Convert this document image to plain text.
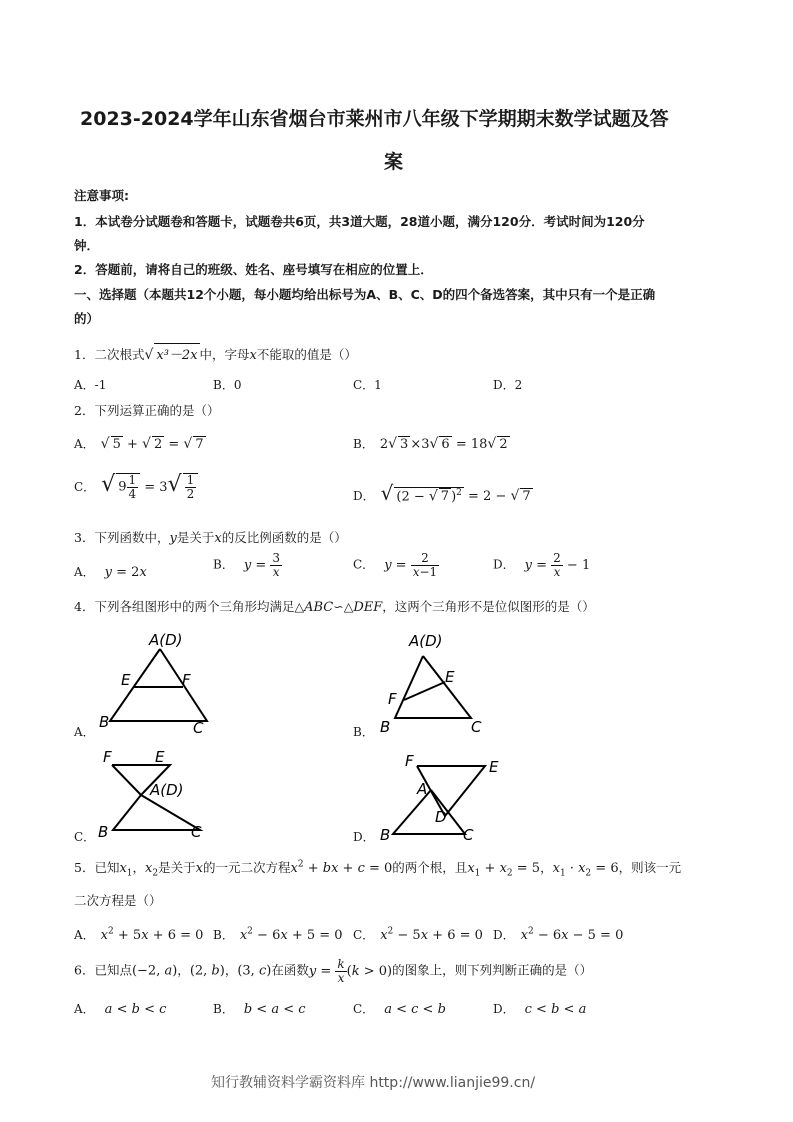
2023-2024学年山东省烟台市莱州市八年级下学期期末数学试题及答
案
注意事项:
1．本试卷分试题卷和答题卡，试题卷共6页，共3道大题，28道小题，满分120分．考试时间为120分
钟．
2．答题前，请将自己的班级、姓名、座号填写在相应的位置上．
一、选择题（本题共12个小题，每小题均给出标号为A、B、C、D的四个备选答案，其中只有一个是正确
的）
1．二次根式√ x³－2x 中，字母x不能取的值是（）
A．-1	B．0	C．1	D．2
2．下列运算正确的是（）
A． √ 5 + √ 2 = √ 7	B． 2√ 3 ×3√ 6 = 18√ 2
C． √ $9 \frac{1}{4} = 3√ \frac{1}{2}$	D． √ (2 − √ 7 )$^2$ = 2 − √ 7
3．下列函数中，y是关于x的反比例函数的是（）
A． y = 2x
B． $y = \frac{3}{x}$	C． $y = \frac{2}{x-1}$	D． $y = \frac{2}{x} - 1$
4．下列各组图形中的两个三角形均满足△ABC∽△DEF，这两个三角形不是位似图形的是（）
A．
A(D)
E	F
B	C	B．
A(D)
E
F
B	C
C．
F	E
A(D)
B	C	D．
F	E
A
D
B	C
5．已知$x_1$，$x_2$是关于x的一元二次方程$x^2$ + bx + c = 0的两个根，且$x_1 + x_2 = 5$，$x_1 \cdot x_2 = 6$，则该一元
二次方程是（）
A． $x^2 + 5x + 6 = 0$ B． $x^2 - 6x + 5 = 0$ C． $x^2 - 5x + 6 = 0$ D． $x^2 - 6x - 5 = 0$
6．已知点(−2, a)，(2, b)，(3, c)在函数$y = \frac{k}{x} (k > 0)$的图象上，则下列判断正确的是（）
A． a < b < c	B． b < a < c	C． a < c < b	D． c < b < a
知行教辅资料学霸资料库 http://www.lianjie99.cn/
